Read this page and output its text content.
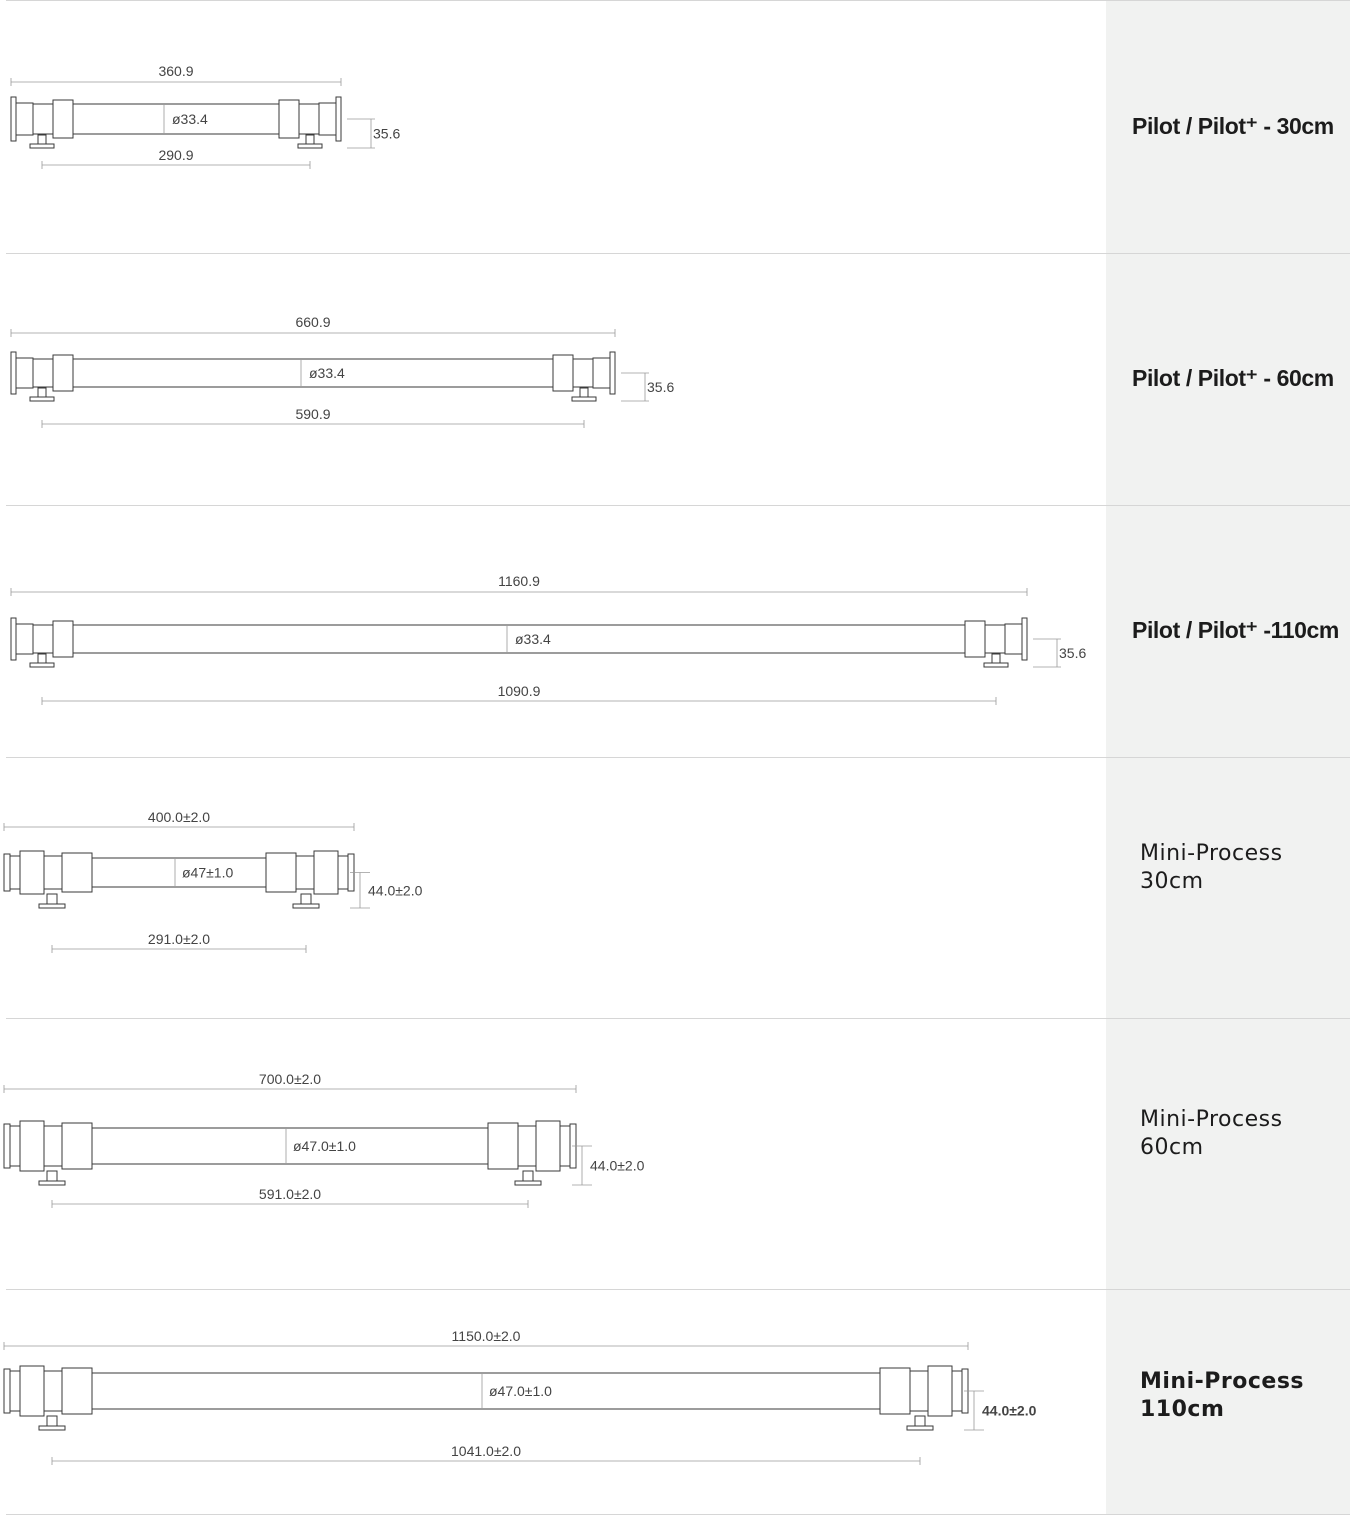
360.9
290.9
ø33.4
35.6	Pilot / Pilot⁺ - 30cm
660.9
590.9
ø33.4
35.6	Pilot / Pilot⁺ - 60cm
1160.9
1090.9
ø33.4
35.6
Pilot / Pilot⁺ -110cm
400.0±2.0
291.0±2.0
ø47±1.0
44.0±2.0
Mini-Process
30cm
700.0±2.0
591.0±2.0
ø47.0±1.0
44.0±2.0
Mini-Process
60cm
1150.0±2.0
1041.0±2.0
ø47.0±1.0
44.0±2.0
Mini-Process
110cm
